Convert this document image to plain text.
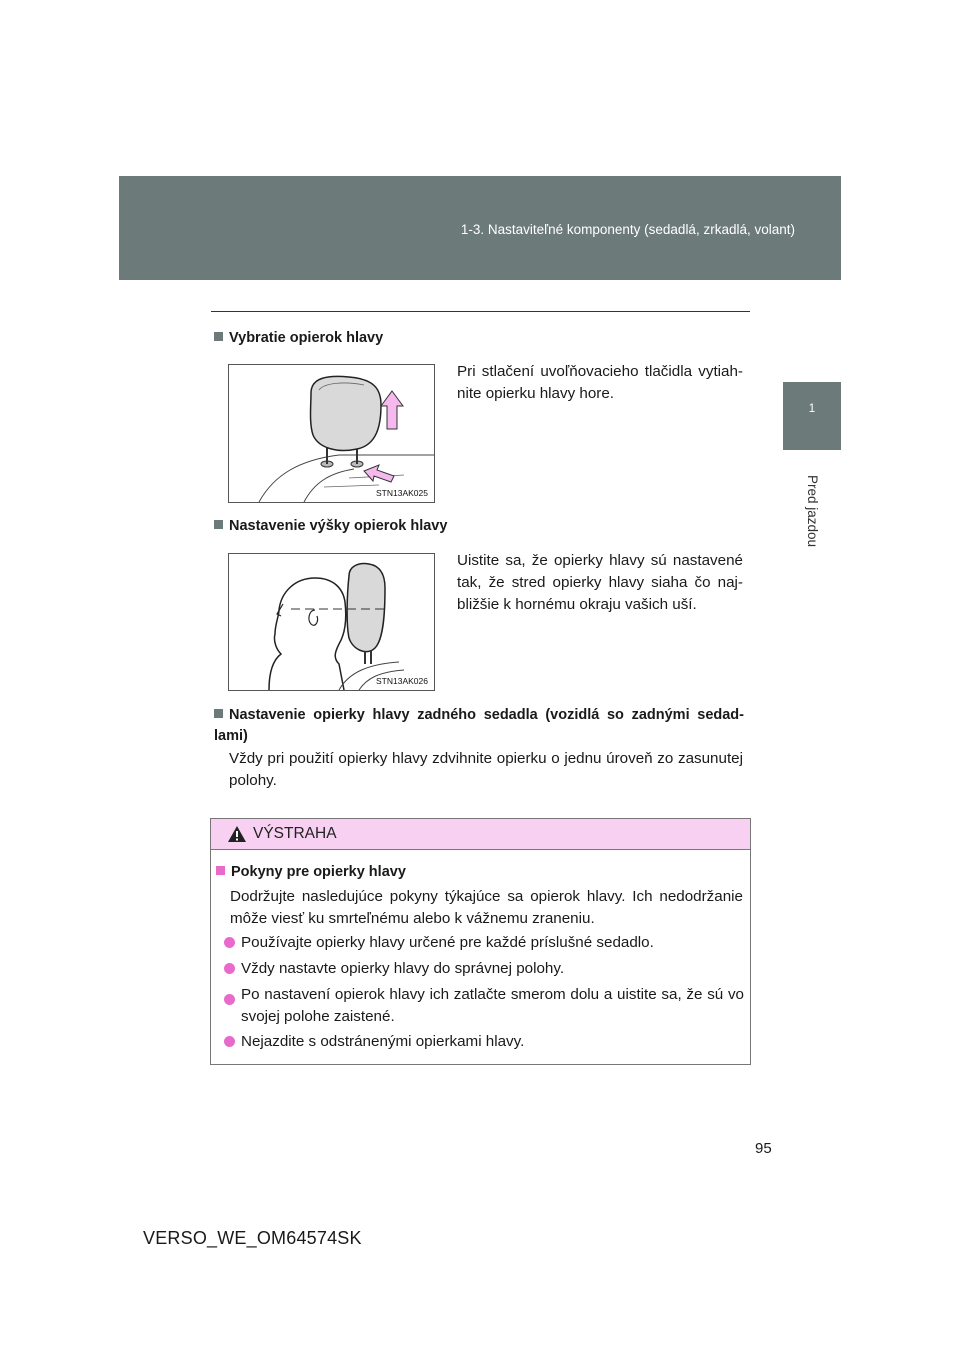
1-3. Nastaviteľné komponenty (sedadlá, zrkadlá, volant)
1
Pred jazdou
Vybratie opierok hlavy
STN13AK025
Pri stlačení uvoľňovacieho tlačidla vytiah-nite opierku hlavy hore.
Nastavenie výšky opierok hlavy
STN13AK026
Uistite sa, že opierky hlavy sú nastavené tak, že stred opierky hlavy siaha čo naj-bližšie k hornému okraju vašich uší.
Nastavenie opierky hlavy zadného sedadla (vozidlá so zadnými sedad-lami)
Vždy pri použití opierky hlavy zdvihnite opierku o jednu úroveň zo zasunutej polohy.
VÝSTRAHA
Pokyny pre opierky hlavy
Dodržujte nasledujúce pokyny týkajúce sa opierok hlavy. Ich nedodržanie môže viesť ku smrteľnému alebo k vážnemu zraneniu.
Používajte opierky hlavy určené pre každé príslušné sedadlo.
Vždy nastavte opierky hlavy do správnej polohy.
Po nastavení opierok hlavy ich zatlačte smerom dolu a uistite sa, že sú vo svojej polohe zaistené.
Nejazdite s odstránenými opierkami hlavy.
95
VERSO_WE_OM64574SK
